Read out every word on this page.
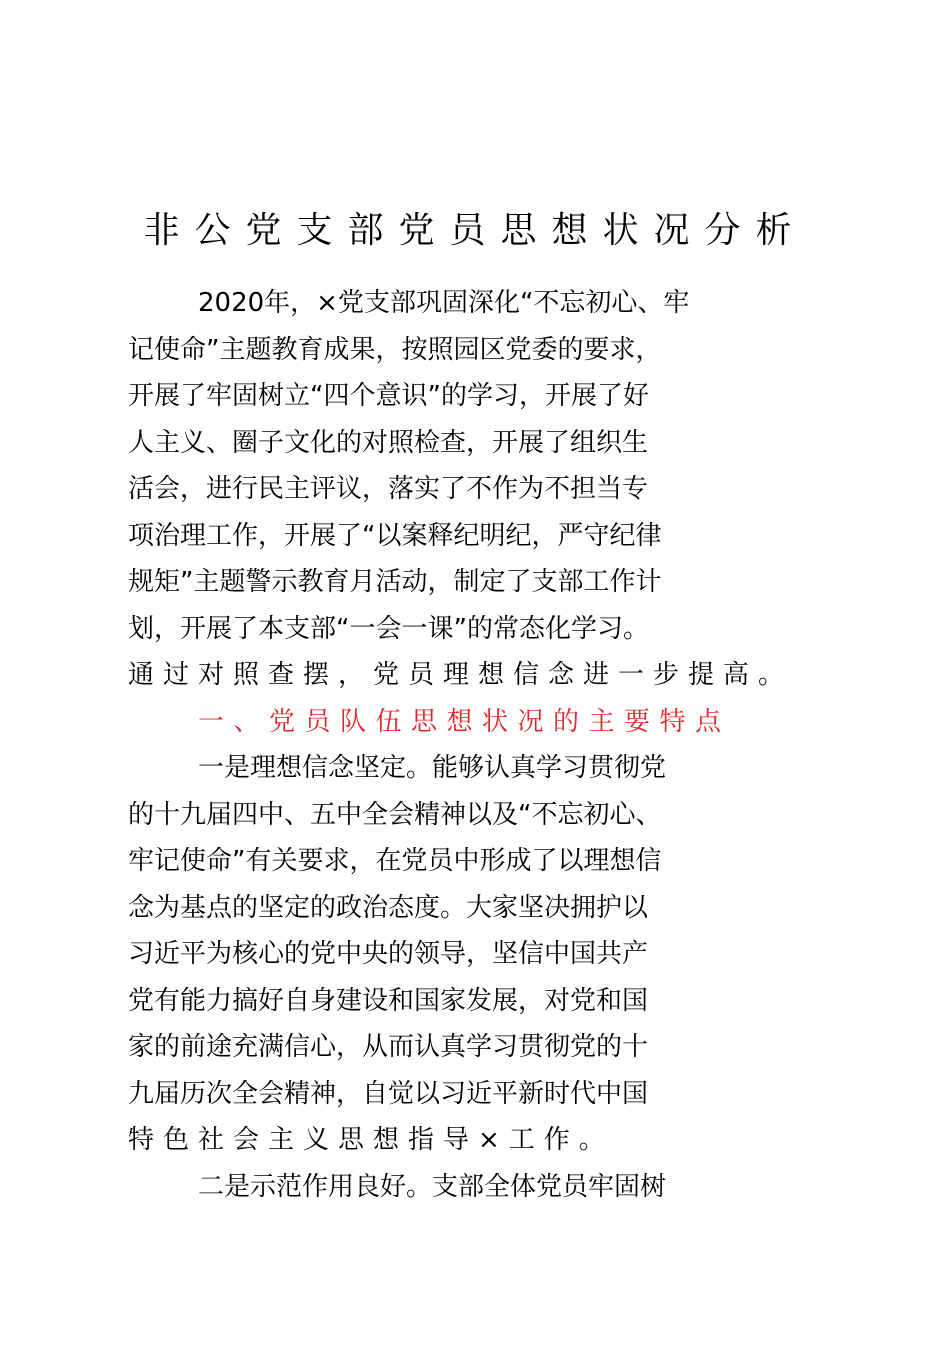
非公党支部党员思想状况分析
2020年，×党支部巩固深化“不忘初心、牢
记使命”主题教育成果，按照园区党委的要求，
开展了牢固树立“四个意识”的学习，开展了好
人主义、圈子文化的对照检查，开展了组织生
活会，进行民主评议，落实了不作为不担当专
项治理工作，开展了“以案释纪明纪，严守纪律
规矩”主题警示教育月活动，制定了支部工作计
划，开展了本支部“一会一课”的常态化学习。
通过对照查摆，党员理想信念进一步提高。
一、党员队伍思想状况的主要特点
一是理想信念坚定。能够认真学习贯彻党
的十九届四中、五中全会精神以及“不忘初心、
牢记使命”有关要求，在党员中形成了以理想信
念为基点的坚定的政治态度。大家坚决拥护以
习近平为核心的党中央的领导，坚信中国共产
党有能力搞好自身建设和国家发展，对党和国
家的前途充满信心，从而认真学习贯彻党的十
九届历次全会精神，自觉以习近平新时代中国
特色社会主义思想指导×工作。
二是示范作用良好。支部全体党员牢固树
